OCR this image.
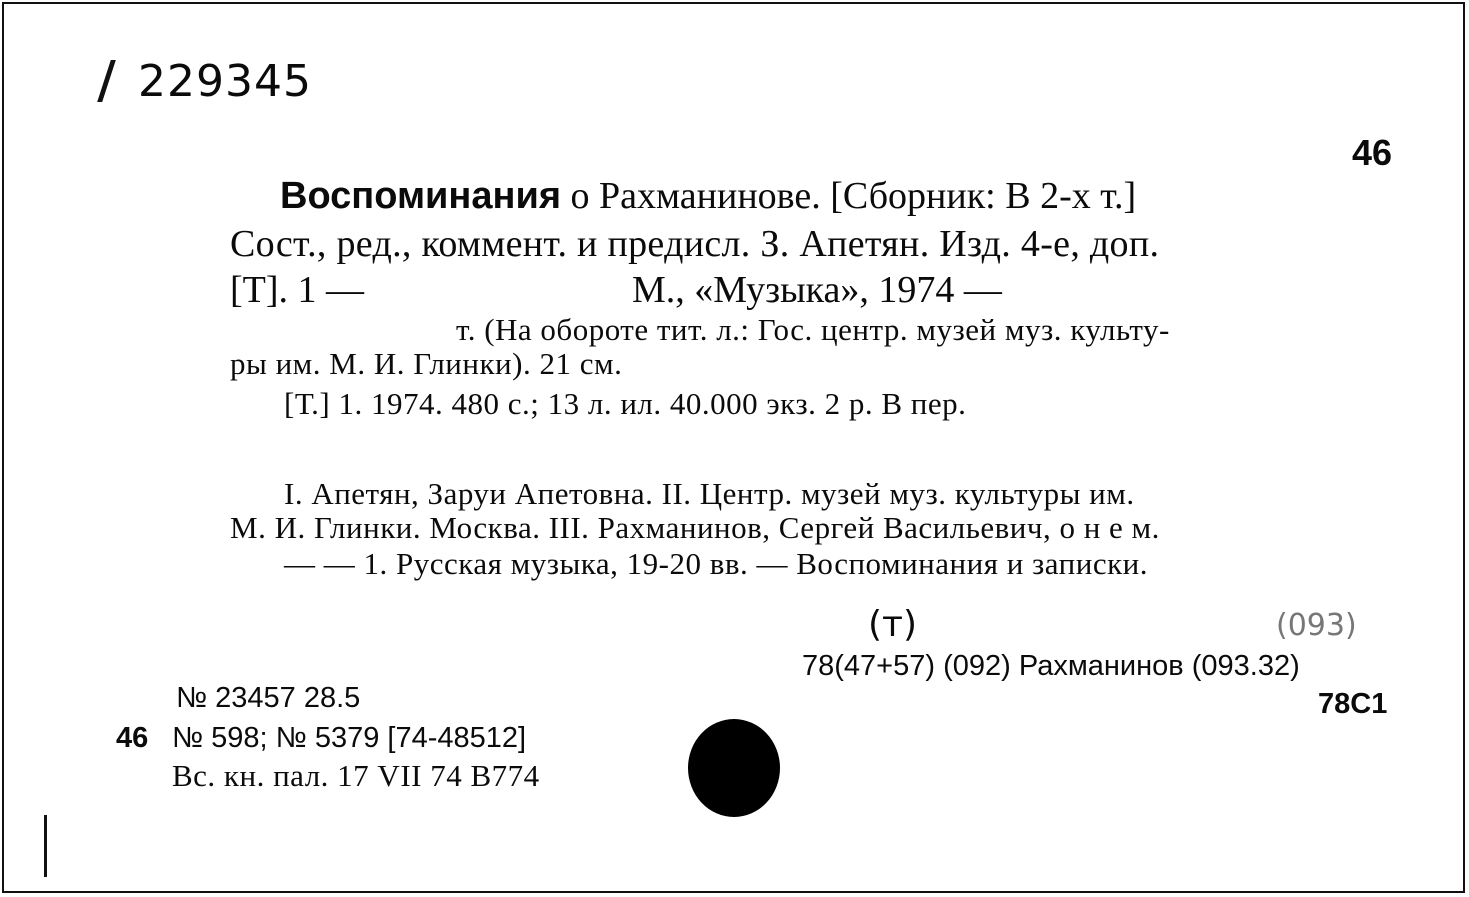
229345
46
Воспоминания о Рахманинове. [Сборник: В 2-х т.]
Сост., ред., коммент. и предисл. З. Апетян. Изд. 4-е, доп.
[Т]. 1 —	М., «Музыка», 1974 —
т. (На обороте тит. л.: Гос. центр. музей муз. культу-
ры им. М. И. Глинки). 21 см.
[Т.] 1. 1974. 480 с.; 13 л. ил. 40.000 экз. 2 р. В пер.
I. Апетян, Заруи Апетовна. II. Центр. музей муз. культуры им.
М. И. Глинки. Москва. III. Рахманинов, Сергей Васильевич, о н е м.
— — 1. Русская музыка, 19-20 вв. — Воспоминания и записки.
(т)	(093)
78(47+57) (092) Рахманинов (093.32)
78С1
№ 23457 28.5
46 № 598; № 5379 [74-48512]
Вс. кн. пал. 17 VII 74 В774
